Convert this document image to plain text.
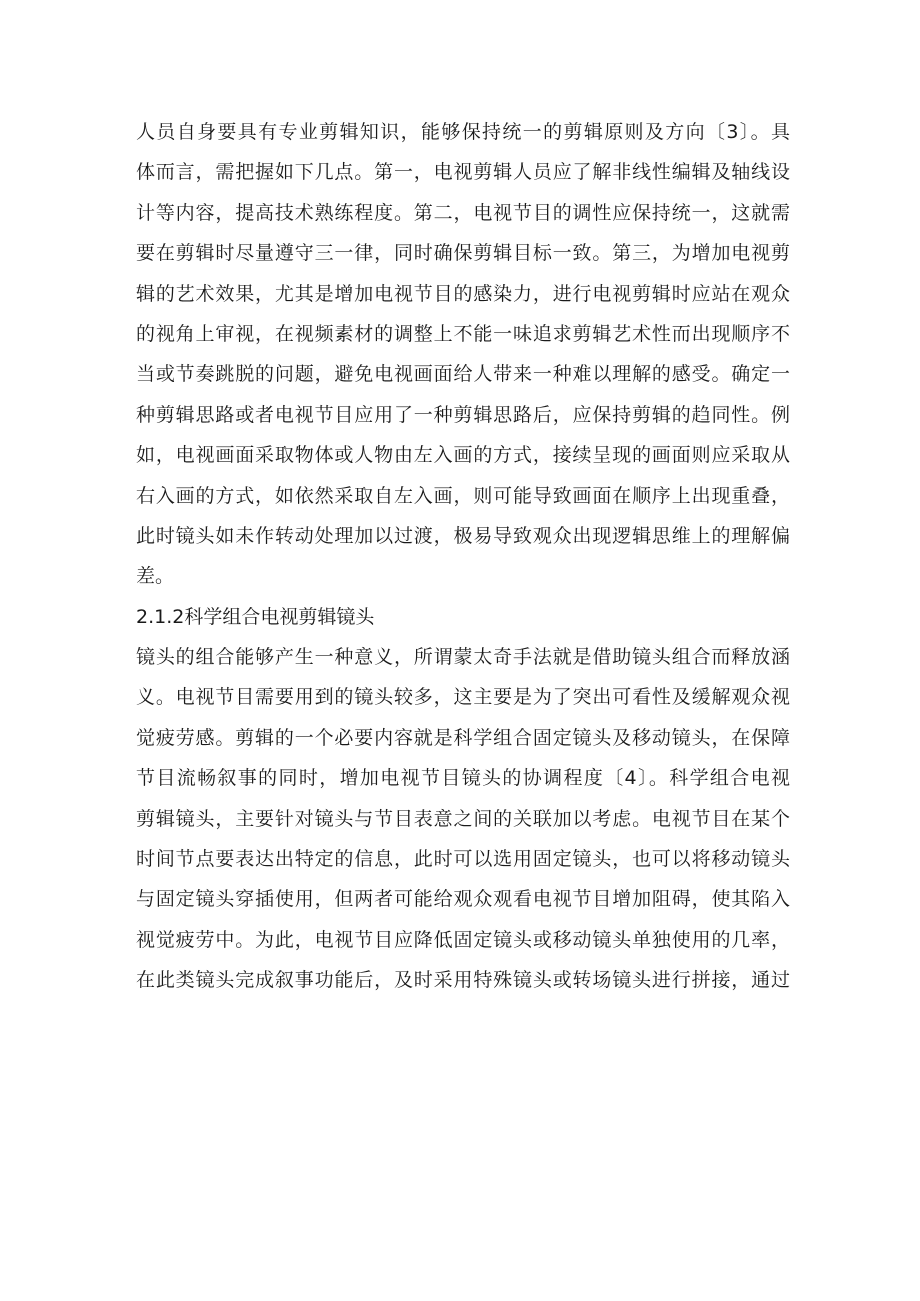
人员自身要具有专业剪辑知识，能够保持统一的剪辑原则及方向〔3〕。具
体而言，需把握如下几点。第一，电视剪辑人员应了解非线性编辑及轴线设
计等内容，提高技术熟练程度。第二，电视节目的调性应保持统一，这就需
要在剪辑时尽量遵守三一律，同时确保剪辑目标一致。第三，为增加电视剪
辑的艺术效果，尤其是增加电视节目的感染力，进行电视剪辑时应站在观众
的视角上审视，在视频素材的调整上不能一味追求剪辑艺术性而出现顺序不
当或节奏跳脱的问题，避免电视画面给人带来一种难以理解的感受。确定一
种剪辑思路或者电视节目应用了一种剪辑思路后，应保持剪辑的趋同性。例
如，电视画面采取物体或人物由左入画的方式，接续呈现的画面则应采取从
右入画的方式，如依然采取自左入画，则可能导致画面在顺序上出现重叠，
此时镜头如未作转动处理加以过渡，极易导致观众出现逻辑思维上的理解偏
差。
2.1.2科学组合电视剪辑镜头
镜头的组合能够产生一种意义，所谓蒙太奇手法就是借助镜头组合而释放涵
义。电视节目需要用到的镜头较多，这主要是为了突出可看性及缓解观众视
觉疲劳感。剪辑的一个必要内容就是科学组合固定镜头及移动镜头，在保障
节目流畅叙事的同时，增加电视节目镜头的协调程度〔4〕。科学组合电视
剪辑镜头，主要针对镜头与节目表意之间的关联加以考虑。电视节目在某个
时间节点要表达出特定的信息，此时可以选用固定镜头，也可以将移动镜头
与固定镜头穿插使用，但两者可能给观众观看电视节目增加阻碍，使其陷入
视觉疲劳中。为此，电视节目应降低固定镜头或移动镜头单独使用的几率，
在此类镜头完成叙事功能后，及时采用特殊镜头或转场镜头进行拼接，通过
